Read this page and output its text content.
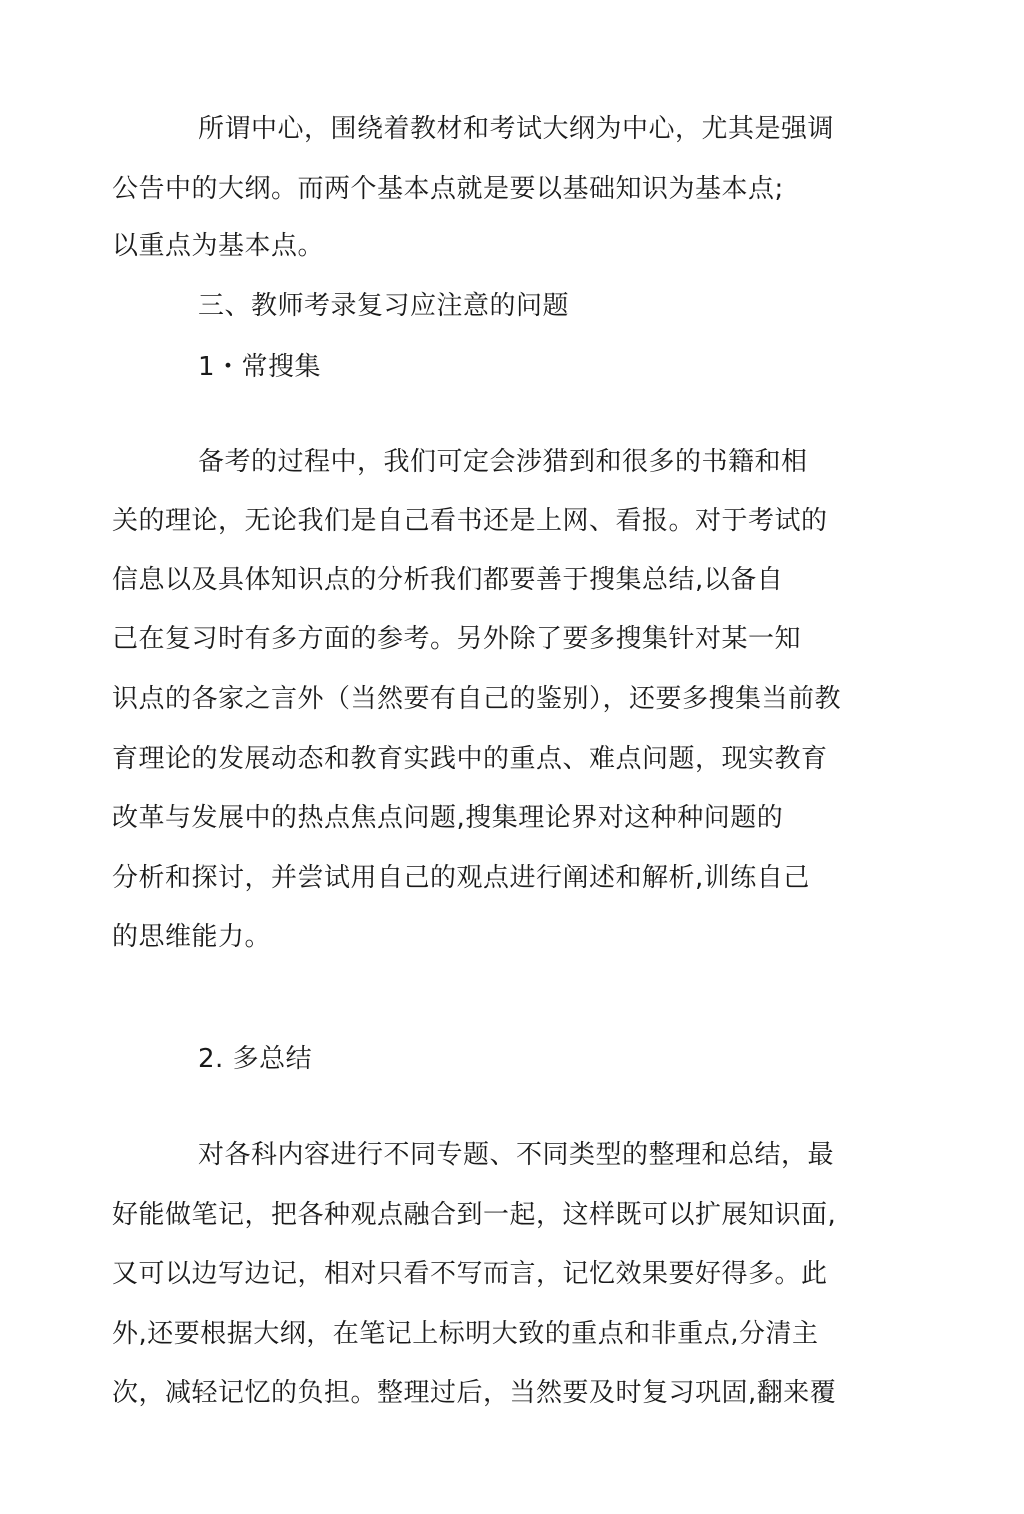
所谓中心，围绕着教材和考试大纲为中心，尤其是强调
公告中的大纲。而两个基本点就是要以基础知识为基本点;
以重点为基本点。
三、教师考录复习应注意的问题
1・常搜集
备考的过程中，我们可定会涉猎到和很多的书籍和相
关的理论，无论我们是自己看书还是上网、看报。对于考试的
信息以及具体知识点的分析我们都要善于搜集总结,以备自
己在复习时有多方面的参考。另外除了要多搜集针对某一知
识点的各家之言外（当然要有自己的鉴别），还要多搜集当前教
育理论的发展动态和教育实践中的重点、难点问题，现实教育
改革与发展中的热点焦点问题,搜集理论界对这种种问题的
分析和探讨，并尝试用自己的观点进行阐述和解析,训练自己
的思维能力。
2. 多总结
对各科内容进行不同专题、不同类型的整理和总结，最
好能做笔记，把各种观点融合到一起，这样既可以扩展知识面,
又可以边写边记，相对只看不写而言，记忆效果要好得多。此
外,还要根据大纲，在笔记上标明大致的重点和非重点,分清主
次，减轻记忆的负担。整理过后，当然要及时复习巩固,翻来覆
